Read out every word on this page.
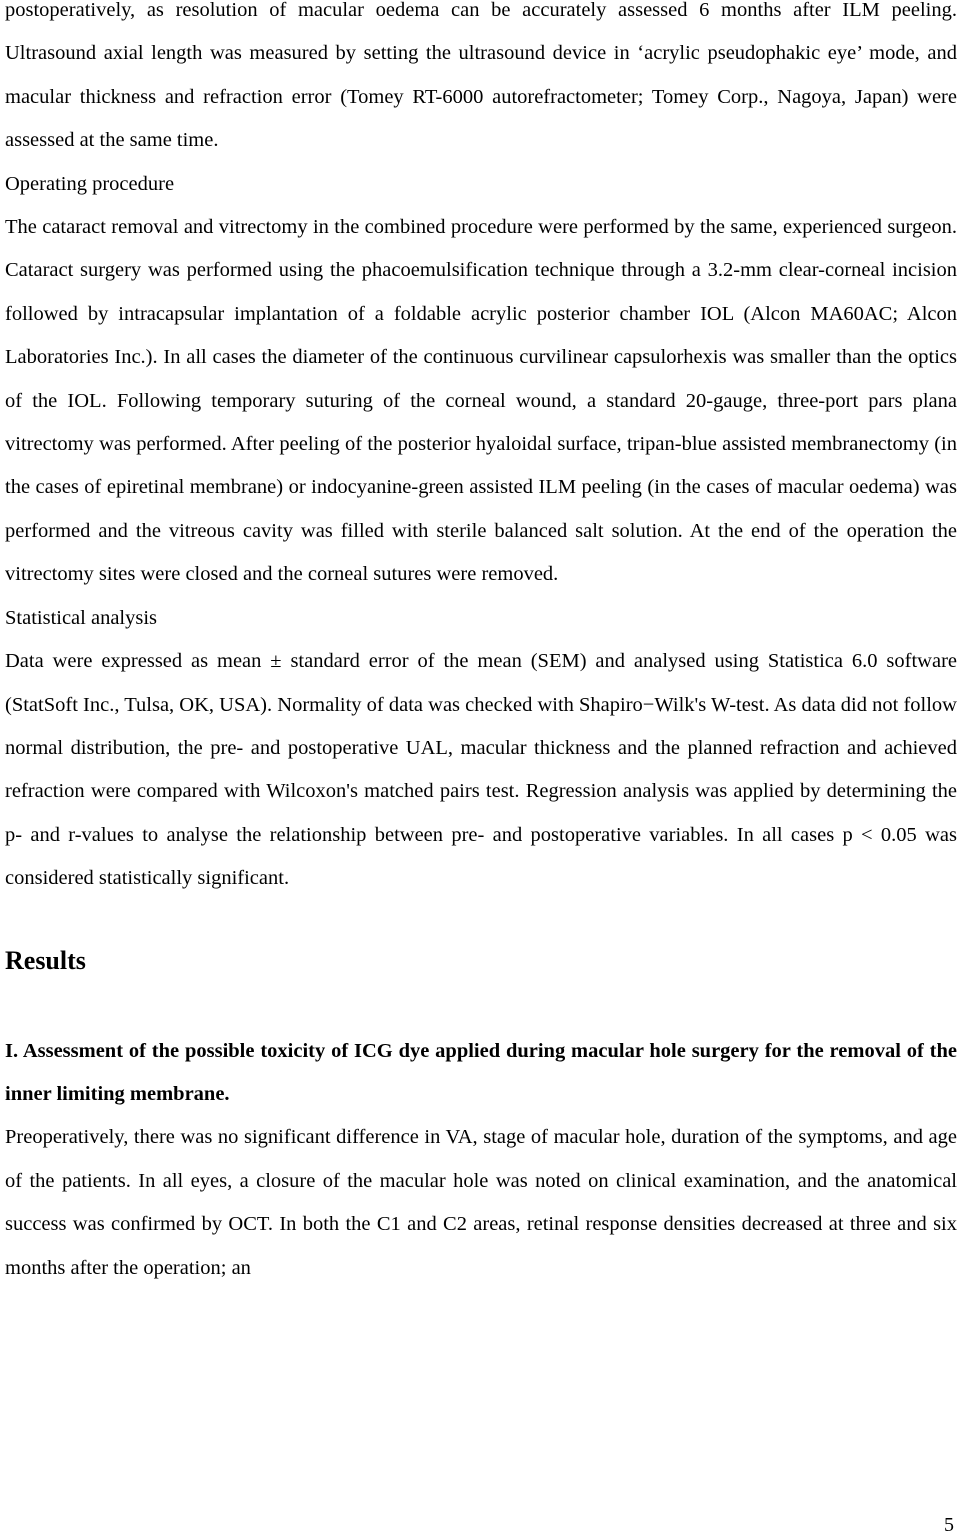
postoperatively, as resolution of macular oedema can be accurately assessed 6 months after ILM peeling. Ultrasound axial length was measured by setting the ultrasound device in ‘acrylic pseudophakic eye’ mode, and macular thickness and refraction error (Tomey RT-6000 autorefractometer; Tomey Corp., Nagoya, Japan) were assessed at the same time.

Operating procedure

The cataract removal and vitrectomy in the combined procedure were performed by the same, experienced surgeon. Cataract surgery was performed using the phacoemulsification technique through a 3.2-mm clear-corneal incision followed by intracapsular implantation of a foldable acrylic posterior chamber IOL (Alcon MA60AC; Alcon Laboratories Inc.). In all cases the diameter of the continuous curvilinear capsulorhexis was smaller than the optics of the IOL. Following temporary suturing of the corneal wound, a standard 20-gauge, three-port pars plana vitrectomy was performed. After peeling of the posterior hyaloidal surface, tripan-blue assisted membranectomy (in the cases of epiretinal membrane) or indocyanine-green assisted ILM peeling (in the cases of macular oedema) was performed and the vitreous cavity was filled with sterile balanced salt solution. At the end of the operation the vitrectomy sites were closed and the corneal sutures were removed.

Statistical analysis

Data were expressed as mean ± standard error of the mean (SEM) and analysed using Statistica 6.0 software (StatSoft Inc., Tulsa, OK, USA). Normality of data was checked with Shapiro−Wilk's W-test. As data did not follow normal distribution, the pre- and postoperative UAL, macular thickness and the planned refraction and achieved refraction were compared with Wilcoxon's matched pairs test. Regression analysis was applied by determining the p- and r-values to analyse the relationship between pre- and postoperative variables. In all cases p < 0.05 was considered statistically significant.

Results

I. Assessment of the possible toxicity of ICG dye applied during macular hole surgery for the removal of the inner limiting membrane.

Preoperatively, there was no significant difference in VA, stage of macular hole, duration of the symptoms, and age of the patients. In all eyes, a closure of the macular hole was noted on clinical examination, and the anatomical success was confirmed by OCT. In both the C1 and C2 areas, retinal response densities decreased at three and six months after the operation; an

5
